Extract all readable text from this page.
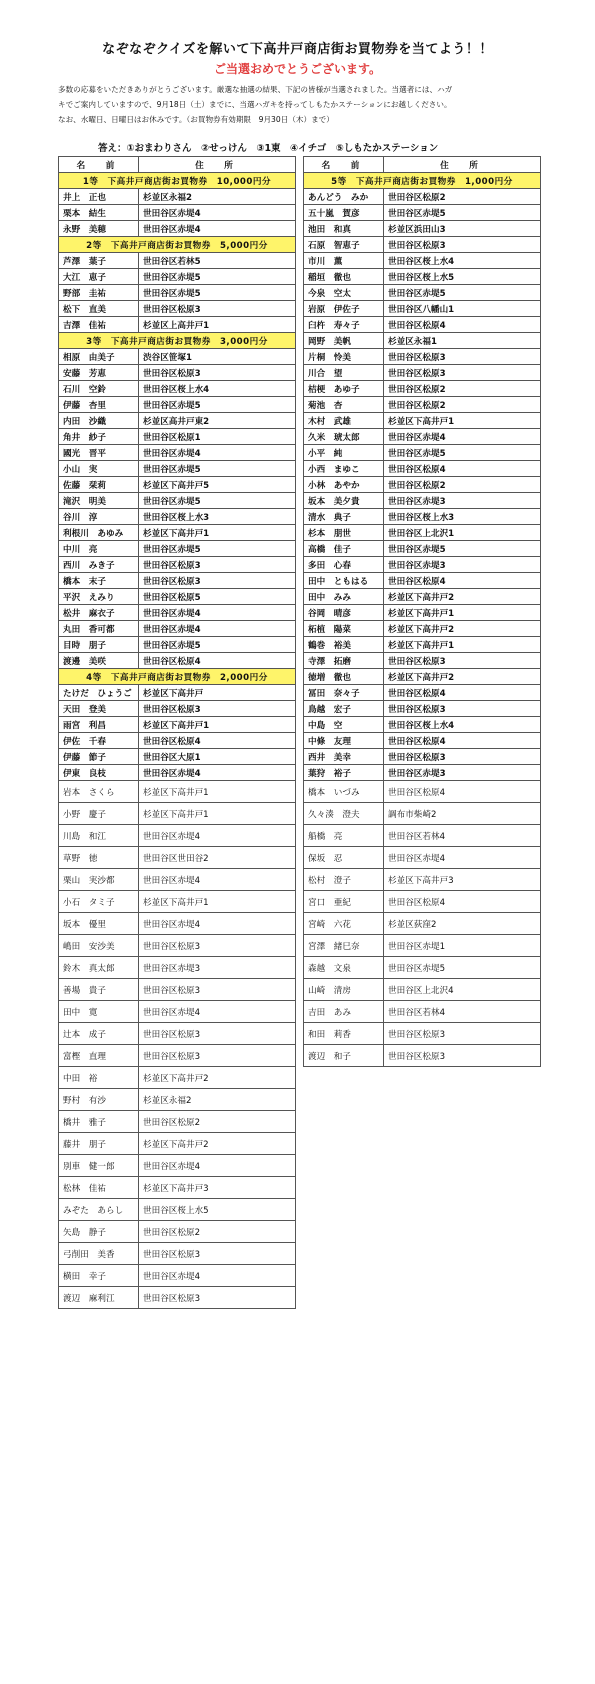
なぞなぞクイズを解いて下高井戸商店街お買物券を当てよう！！
ご当選おめでとうございます。
多数の応募をいただきありがとうございます。厳選な抽選の結果、下記の皆様が当選されました。当選者には、ハガ
キでご案内していますので、9月18日（土）までに、当選ハガキを持ってしもたかステーションにお越しください。
なお、水曜日、日曜日はお休みです。（お買物券有効期限　9月30日（木）まで）
答え：①おまわりさん　②せっけん　③1東　④イチゴ　⑤しもたかステーション
名　前	住　所
1等　下高井戸商店街お買物券　10,000円分	
井上　正也	杉並区永福2
栗本　結生	世田谷区赤堤4
永野　美穂	世田谷区赤堤4
2等　下高井戸商店街お買物券　5,000円分	
芦澤　葉子	世田谷区若林5
大江　恵子	世田谷区赤堤5
野部　圭祐	世田谷区赤堤5
松下　直美	世田谷区松原3
吉澤　佳祐	杉並区上高井戸1
3等　下高井戸商店街お買物券　3,000円分	
相原　由美子	渋谷区笹塚1
安藤　芳恵	世田谷区松原3
石川　空鈴	世田谷区桜上水4
伊藤　杏里	世田谷区赤堤5
内田　沙織	杉並区高井戸東2
角井　紗子	世田谷区松原1
國光　晋平	世田谷区赤堤4
小山　実	世田谷区赤堤5
佐藤　栞莉	杉並区下高井戸5
滝沢　明美	世田谷区赤堤5
谷川　淳	世田谷区桜上水3
利根川　あゆみ	杉並区下高井戸1
中川　亮	世田谷区赤堤5
西川　みき子	世田谷区松原3
橋本　末子	世田谷区松原3
平沢　えみり	世田谷区松原5
松井　麻衣子	世田谷区赤堤4
丸田　香可都	世田谷区赤堤4
目時　朋子	世田谷区赤堤5
渡邊　美咲	世田谷区松原4
4等　下高井戸商店街お買物券　2,000円分	
たけだ　ひょうご	杉並区下高井戸
天田　登美	世田谷区松原3
雨宮　利昌	杉並区下高井戸1
伊佐　千春	世田谷区松原4
伊藤　節子	世田谷区大原1
伊東　良枝	世田谷区赤堤4
岩本　さくら	杉並区下高井戸1
小野　慶子	杉並区下高井戸1
川島　和江	世田谷区赤堤4
草野　徳	世田谷区世田谷2
栗山　実沙都	世田谷区赤堤4
小石　タミ子	杉並区下高井戸1
坂本　優里	世田谷区赤堤4
嶋田　安沙美	世田谷区松原3
鈴木　真太郎	世田谷区赤堤3
善場　貴子	世田谷区松原3
田中　寛	世田谷区赤堤4
辻本　成子	世田谷区松原3
富樫　直理	世田谷区松原3
中田　裕	杉並区下高井戸2
野村　有沙	杉並区永福2
橋井　雅子	世田谷区松原2
藤井　朋子	杉並区下高井戸2
別車　健一郎	世田谷区赤堤4
松林　佳祐	杉並区下高井戸3
みぞた　あらし	世田谷区桜上水5
矢島　静子	世田谷区松原2
弓削田　美香	世田谷区松原3
横田　幸子	世田谷区赤堤4
渡辺　麻利江	世田谷区松原3
名　前	住　所
5等　下高井戸商店街お買物券　1,000円分	
あんどう　みか	世田谷区松原2
五十嵐　賀彦	世田谷区赤堤5
池田　和真	杉並区浜田山3
石原　智恵子	世田谷区松原3
市川　薫	世田谷区桜上水4
稲垣　徹也	世田谷区桜上水5
今泉　空太	世田谷区赤堤5
岩原　伊佐子	世田谷区八幡山1
臼杵　寿々子	世田谷区松原4
岡野　美帆	杉並区永福1
片桐　怜美	世田谷区松原3
川合　望	世田谷区松原3
桔梗　あゆ子	世田谷区松原2
菊池　杏	世田谷区松原2
木村　武雄	杉並区下高井戸1
久米　琥太郎	世田谷区赤堤4
小平　純	世田谷区赤堤5
小西　まゆこ	世田谷区松原4
小林　あやか	世田谷区松原2
坂本　美夕貴	世田谷区赤堤3
清水　典子	世田谷区桜上水3
杉本　朋世	世田谷区上北沢1
高橋　佳子	世田谷区赤堤5
多田　心春	世田谷区赤堤3
田中　ともはる	世田谷区松原4
田中　みみ	杉並区下高井戸2
谷岡　晴彦	杉並区下高井戸1
柘植　陽菜	杉並区下高井戸2
鶴巻　裕美	杉並区下高井戸1
寺澤　拓磨	世田谷区松原3
徳増　徹也	杉並区下高井戸2
冨田　奈々子	世田谷区松原4
鳥越　宏子	世田谷区松原3
中島　空	世田谷区桜上水4
中條　友理	世田谷区松原4
西井　美幸	世田谷区松原3
葉狩　裕子	世田谷区赤堤3
橋本　いづみ	世田谷区松原4
久々湊　澄夫	調布市柴崎2
船橋　亮	世田谷区若林4
保坂　忍	世田谷区赤堤4
松村　澄子	杉並区下高井戸3
宮口　亜紀	世田谷区松原4
宮崎　六花	杉並区荻窪2
宮澤　緒巳奈	世田谷区赤堤1
森越　文泉	世田谷区赤堤5
山崎　清房	世田谷区上北沢4
吉田　あみ	世田谷区若林4
和田　莉香	世田谷区松原3
渡辺　和子	世田谷区松原3
